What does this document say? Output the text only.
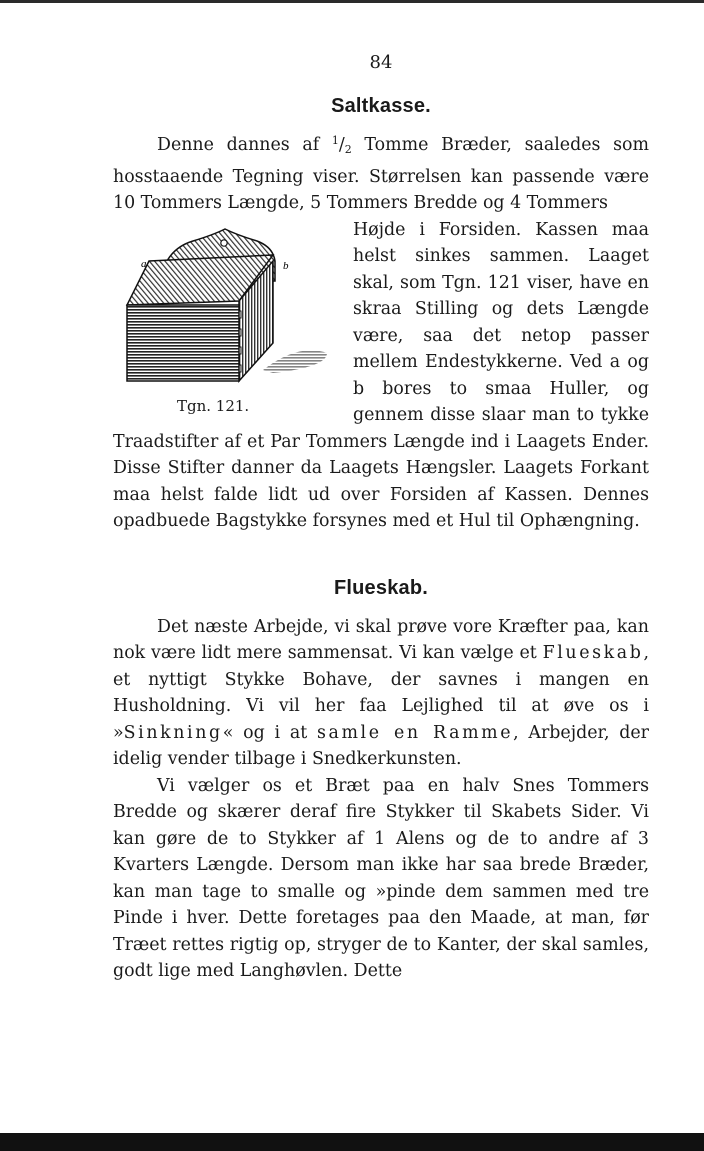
84
Saltkasse.

Denne dannes af $^1/_2$ Tomme Bræder, saaledes som hosstaaende Tegning viser. Størrelsen kan passende være 10 Tommers Længde, 5 Tommers Bredde og 4 Tommers

a	b
Tgn. 121.

Højde i Forsiden. Kassen maa helst sinkes sammen. Laaget skal, som Tgn. 121 viser, have en skraa Stilling og dets Længde være, saa det netop passer mellem Endestykkerne. Ved a og b bores to smaa Huller, og gennem disse slaar man to tykke Traadstifter af et Par Tommers Længde ind i Laagets Ender. Disse Stifter danner da Laagets Hængsler. Laagets Forkant maa helst falde lidt ud over Forsiden af Kassen. Dennes opadbuede Bagstykke forsynes med et Hul til Ophængning.

Flueskab.

Det næste Arbejde, vi skal prøve vore Kræfter paa, kan nok være lidt mere sammensat. Vi kan vælge et Flueskab, et nyttigt Stykke Bohave, der savnes i mangen en Husholdning. Vi vil her faa Lejlighed til at øve os i »Sinkning« og i at samle en Ramme, Arbejder, der idelig vender tilbage i Snedkerkunsten.

Vi vælger os et Bræt paa en halv Snes Tommers Bredde og skærer deraf fire Stykker til Skabets Sider. Vi kan gøre de to Stykker af 1 Alens og de to andre af 3 Kvarters Længde. Dersom man ikke har saa brede Bræder, kan man tage to smalle og »pinde dem sammen med tre Pinde i hver. Dette foretages paa den Maade, at man, før Træet rettes rigtig op, stryger de to Kanter, der skal samles, godt lige med Langhøvlen. Dette
